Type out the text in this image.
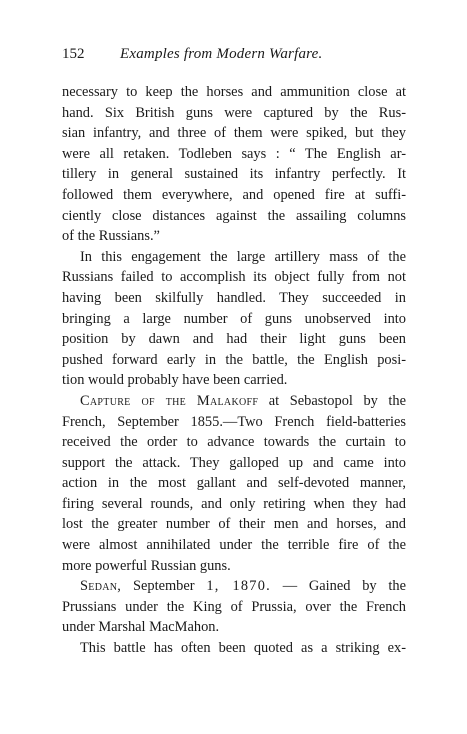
152 Examples from Modern Warfare.
necessary to keep the horses and ammunition close at
hand. Six British guns were captured by the Rus-
sian infantry, and three of them were spiked, but they
were all retaken. Todleben says : “ The English ar-
tillery in general sustained its infantry perfectly. It
followed them everywhere, and opened fire at suffi-
ciently close distances against the assailing columns
of the Russians.”
In this engagement the large artillery mass of the
Russians failed to accomplish its object fully from not
having been skilfully handled. They succeeded in
bringing a large number of guns unobserved into
position by dawn and had their light guns been
pushed forward early in the battle, the English posi-
tion would probably have been carried.
Capture of the Malakoff at Sebastopol by the
French, September 1855.—Two French field-batteries
received the order to advance towards the curtain to
support the attack. They galloped up and came into
action in the most gallant and self-devoted manner,
firing several rounds, and only retiring when they had
lost the greater number of their men and horses, and
were almost annihilated under the terrible fire of the
more powerful Russian guns.
Sedan, September 1, 1870. — Gained by the
Prussians under the King of Prussia, over the French
under Marshal MacMahon.
This battle has often been quoted as a striking ex-
